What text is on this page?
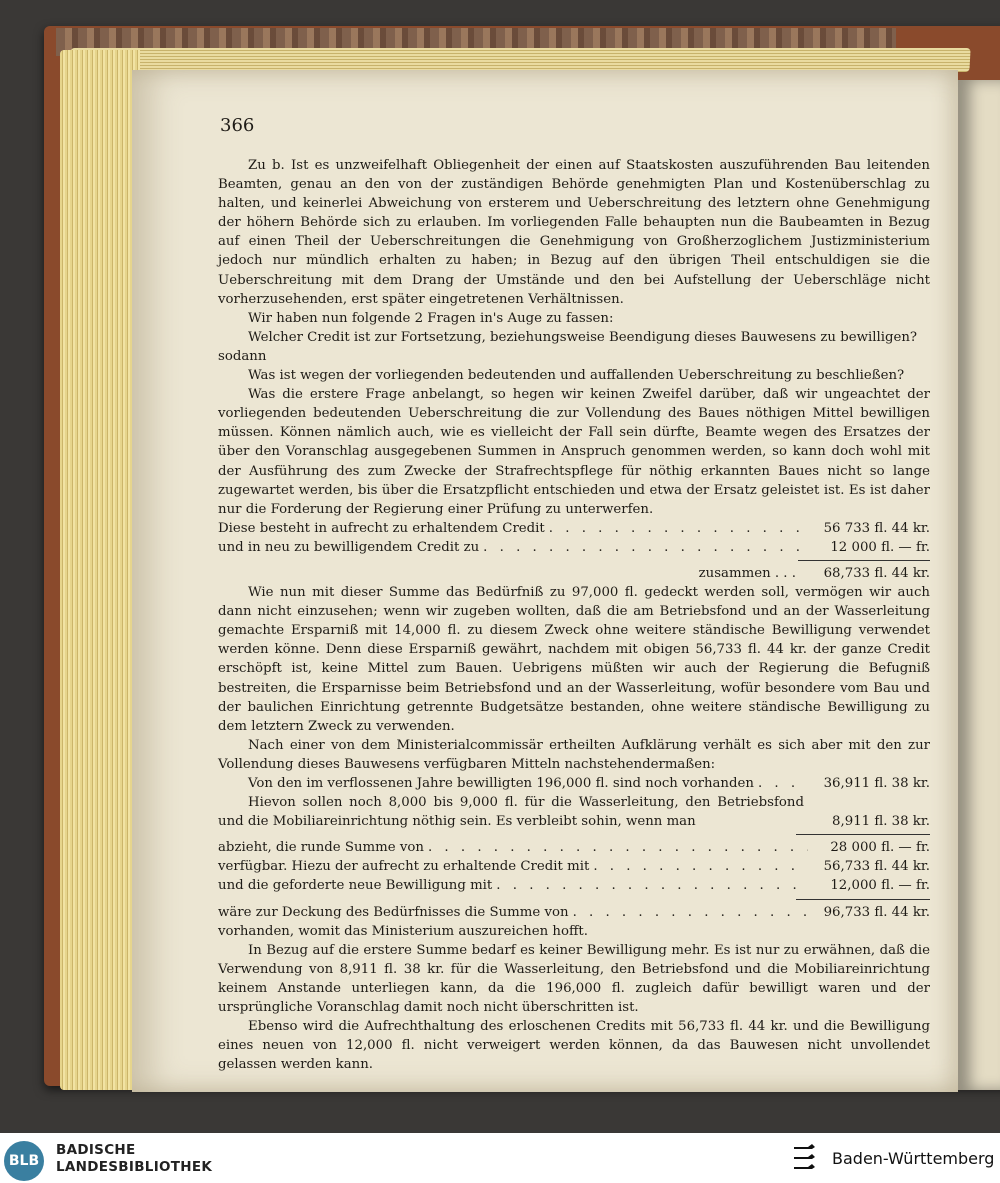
366

Zu b. Ist es unzweifelhaft Obliegenheit der einen auf Staatskosten auszuführenden Bau leitenden Beamten, genau an den von der zuständigen Behörde genehmigten Plan und Kostenüberschlag zu halten, und keinerlei Abweichung von ersterem und Ueberschreitung des letztern ohne Genehmigung der höhern Behörde sich zu erlauben. Im vorliegenden Falle behaupten nun die Baubeamten in Bezug auf einen Theil der Ueberschreitungen die Genehmigung von Großherzoglichem Justizministerium jedoch nur mündlich erhalten zu haben; in Bezug auf den übrigen Theil entschuldigen sie die Ueberschreitung mit dem Drang der Umstände und den bei Aufstellung der Ueberschläge nicht vorherzusehenden, erst später eingetretenen Verhältnissen.

Wir haben nun folgende 2 Fragen in's Auge zu fassen:

Welcher Credit ist zur Fortsetzung, beziehungsweise Beendigung dieses Bauwesens zu bewilligen?

sodann

Was ist wegen der vorliegenden bedeutenden und auffallenden Ueberschreitung zu beschließen?

Was die erstere Frage anbelangt, so hegen wir keinen Zweifel darüber, daß wir ungeachtet der vorliegenden bedeutenden Ueberschreitung die zur Vollendung des Baues nöthigen Mittel bewilligen müssen. Können nämlich auch, wie es vielleicht der Fall sein dürfte, Beamte wegen des Ersatzes der über den Voranschlag ausgegebenen Summen in Anspruch genommen werden, so kann doch wohl mit der Ausführung des zum Zwecke der Strafrechtspflege für nöthig erkannten Baues nicht so lange zugewartet werden, bis über die Ersatzpflicht entschieden und etwa der Ersatz geleistet ist. Es ist daher nur die Forderung der Regierung einer Prüfung zu unterwerfen.

Diese besteht in aufrecht zu erhaltendem Credit . . .	56 733 fl. 44 kr.
und in neu zu bewilligendem Credit zu . . .	12 000 fl. — fr.
zusammen . . .	68,733 fl. 44 kr.

Wie nun mit dieser Summe das Bedürfniß zu 97,000 fl. gedeckt werden soll, vermögen wir auch dann nicht einzusehen; wenn wir zugeben wollten, daß die am Betriebsfond und an der Wasserleitung gemachte Ersparniß mit 14,000 fl. zu diesem Zweck ohne weitere ständische Bewilligung verwendet werden könne. Denn diese Ersparniß gewährt, nachdem mit obigen 56,733 fl. 44 kr. der ganze Credit erschöpft ist, keine Mittel zum Bauen. Uebrigens müßten wir auch der Regierung die Befugniß bestreiten, die Ersparnisse beim Betriebsfond und an der Wasserleitung, wofür besondere vom Bau und der baulichen Einrichtung getrennte Budgetsätze bestanden, ohne weitere ständische Bewilligung zu dem letztern Zweck zu verwenden.

Nach einer von dem Ministerialcommissär ertheilten Aufklärung verhält es sich aber mit den zur Vollendung dieses Bauwesens verfügbaren Mitteln nachstehendermaßen:

Von den im verflossenen Jahre bewilligten 196,000 fl. sind noch vorhanden . . .	36,911 fl. 38 kr.

Hievon sollen noch 8,000 bis 9,000 fl. für die Wasserleitung, den Betriebsfond und die Mobiliareinrichtung nöthig sein. Es verbleibt sohin, wenn man	8,911 fl. 38 kr.
abzieht, die runde Summe von . . .	28 000 fl. — fr.
verfügbar. Hiezu der aufrecht zu erhaltende Credit mit . . .	56,733 fl. 44 kr.
und die geforderte neue Bewilligung mit . . .	12,000 fl. — fr.
wäre zur Deckung des Bedürfnisses die Summe von . . .	96,733 fl. 44 kr.

vorhanden, womit das Ministerium auszureichen hofft.

In Bezug auf die erstere Summe bedarf es keiner Bewilligung mehr. Es ist nur zu erwähnen, daß die Verwendung von 8,911 fl. 38 kr. für die Wasserleitung, den Betriebsfond und die Mobiliareinrichtung keinem Anstande unterliegen kann, da die 196,000 fl. zugleich dafür bewilligt waren und der ursprüngliche Voranschlag damit noch nicht überschritten ist.

Ebenso wird die Aufrechthaltung des erloschenen Credits mit 56,733 fl. 44 kr. und die Bewilligung eines neuen von 12,000 fl. nicht verweigert werden können, da das Bauwesen nicht unvollendet gelassen werden kann.

BLB
BADISCHE
LANDESBIBLIOTHEK	Baden-Württemberg
